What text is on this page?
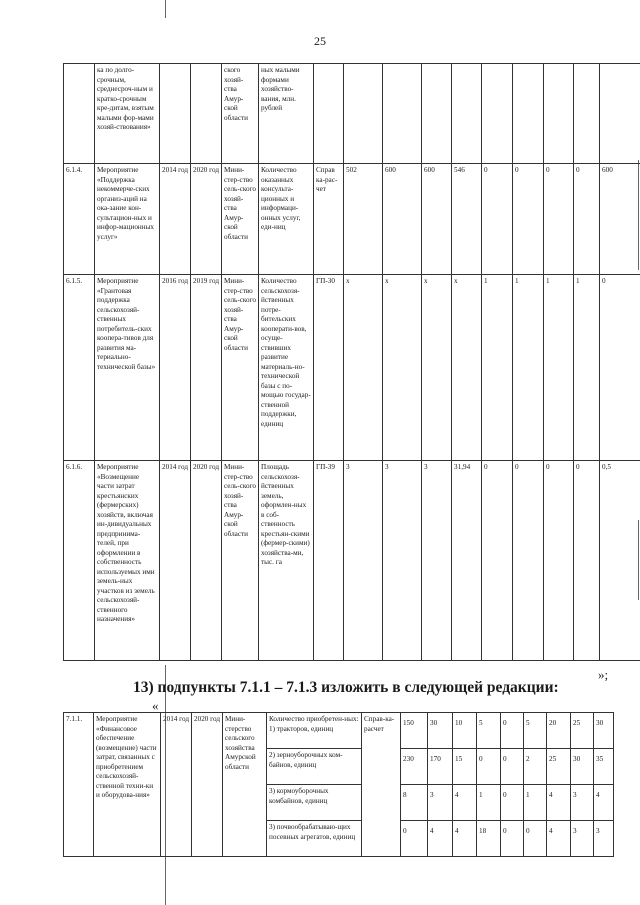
25
	ка по долго-срочным, среднесроч-ным и кратко-срочным кре-дитам, взятым малыми фор-мами хозяй-ствования»			ского хозяй-ства Амур-ской области	ных малыми формами хозяйство-вания, млн. рублей										
6.1.4.	Мероприятие «Поддержка некоммерче-ских организ-аций на ока-зание кон-сультацион-ных и инфор-мационных услуг»	2014 год	2020 год	Мини-стер-ство сель-ского хозяй-ства Амур-ской области	Количество оказанных консульта-ционных и информаци-онных услуг, еди-ниц	Справ ка-рас-чет	502	600	600	546	0	0	0	0	600
6.1.5.	Мероприятие «Грантовая поддержка сельскохозяй-ственных потребитель-ских коопера-тивов для развития ма-териально-технической базы»	2016 год	2019 год	Мини-стер-ство сель-ского хозяй-ства Амур-ской области	Количество сельскохозя-йственных потре-бительских кооперати-вов, осуще-ствивших развитие материаль-но-технической базы с по-мощью государ-ственной поддержки, единиц	ГП-30	х	х	х	х	1	1	1	1	0
6.1.6.	Мероприятие «Возмещение части затрат крестьянских (фермерских) хозяйств, включая ин-дивидуальных предпринима-телей, при оформлении в собственность используемых ими земель-ных участков из земель сельскохозяй-ственного назначения»	2014 год	2020 год	Мини-стер-ство сель-ского хозяй-ства Амур-ской области	Площадь сельскохозя-йственных земель, оформлен-ных в соб-ственность крестьян-скими (фермер-скими) хозяйства-ми, тыс. га	ГП-39	3	3	3	31,94	0	0	0	0	0,5
»;
13) подпункты 7.1.1 – 7.1.3 изложить в следующей редакции:
«
7.1.1.	Мероприятие «Финансовое обеспечение (возмещение) части затрат, связанных с приобретением сельскохозяй-ственной техни-ки и оборудова-ния»	2014 год	2020 год	Мини-стерство сельского хозяйства Амурской области	Количество приобретен-ных:
1) тракторов, единиц	Справ-ка-расчет	150	30	10	5	0	5	20	25	30
					2) зерноуборочных ком-байнов, единиц		230	170	15	0	0	2	25	30	35
					3) кормоуборочных комбайнов, единиц		8	3	4	1	0	1	4	3	4
					3) почвообрабатываю-щих посевных агрегатов, единиц		0	4	4	18	0	0	4	3	3
